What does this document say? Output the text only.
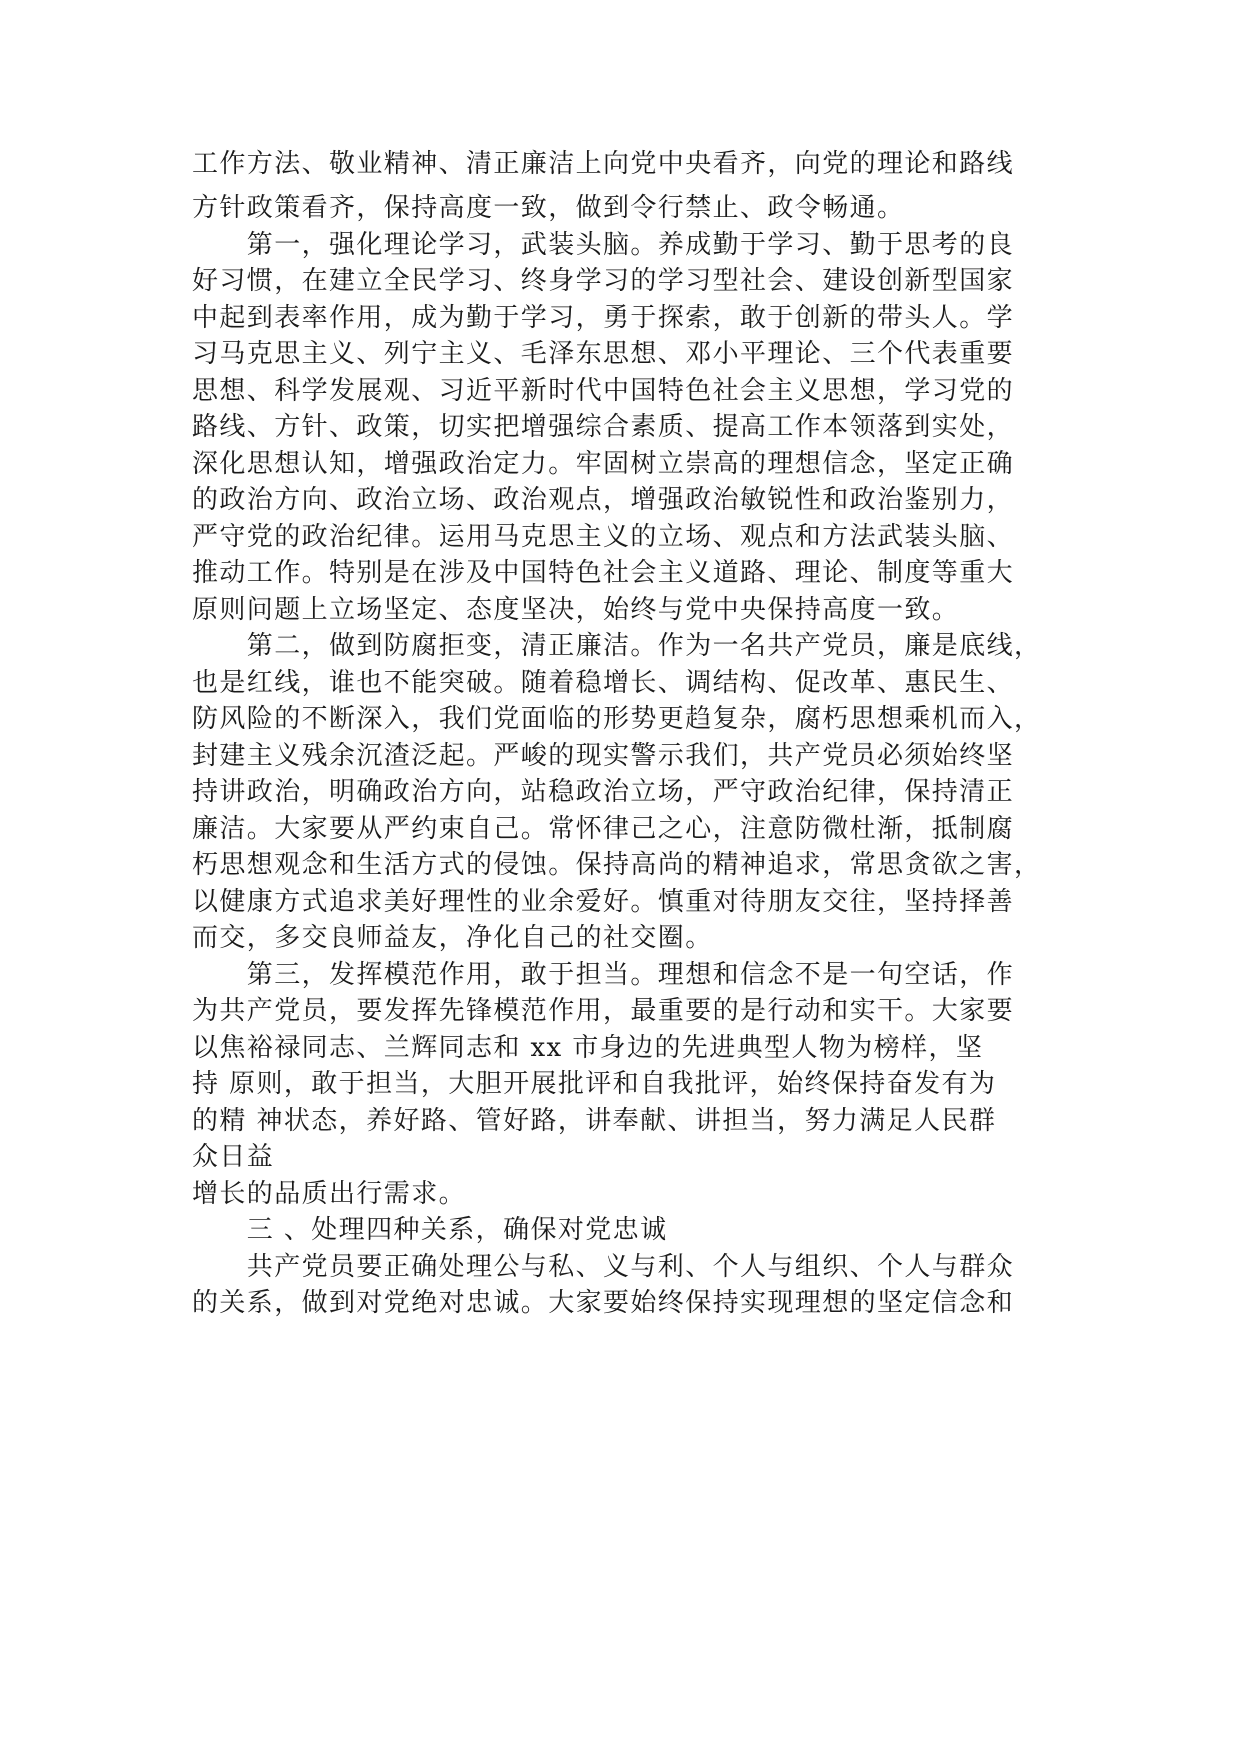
工作方法、敬业精神、清正廉洁上向党中央看齐，向党的理论和路线
方针政策看齐，保持高度一致，做到令行禁止、政令畅通。
　　第一，强化理论学习，武装头脑。养成勤于学习、勤于思考的良
好习惯，在建立全民学习、终身学习的学习型社会、建设创新型国家
中起到表率作用，成为勤于学习，勇于探索，敢于创新的带头人。学
习马克思主义、列宁主义、毛泽东思想、邓小平理论、三个代表重要
思想、科学发展观、习近平新时代中国特色社会主义思想，学习党的
路线、方针、政策，切实把增强综合素质、提高工作本领落到实处，
深化思想认知，增强政治定力。牢固树立崇高的理想信念，坚定正确
的政治方向、政治立场、政治观点，增强政治敏锐性和政治鉴别力，
严守党的政治纪律。运用马克思主义的立场、观点和方法武装头脑、
推动工作。特别是在涉及中国特色社会主义道路、理论、制度等重大
原则问题上立场坚定、态度坚决，始终与党中央保持高度一致。
　　第二，做到防腐拒变，清正廉洁。作为一名共产党员，廉是底线，
也是红线，谁也不能突破。随着稳增长、调结构、促改革、惠民生、
防风险的不断深入，我们党面临的形势更趋复杂，腐朽思想乘机而入，
封建主义残余沉渣泛起。严峻的现实警示我们，共产党员必须始终坚
持讲政治，明确政治方向，站稳政治立场，严守政治纪律，保持清正
廉洁。大家要从严约束自己。常怀律己之心，注意防微杜渐，抵制腐
朽思想观念和生活方式的侵蚀。保持高尚的精神追求，常思贪欲之害，
以健康方式追求美好理性的业余爱好。慎重对待朋友交往，坚持择善
而交，多交良师益友，净化自己的社交圈。
　　第三，发挥模范作用，敢于担当。理想和信念不是一句空话，作
为共产党员，要发挥先锋模范作用，最重要的是行动和实干。大家要
以焦裕禄同志、兰辉同志和 xx 市身边的先进典型人物为榜样，坚
持 原则，敢于担当，大胆开展批评和自我批评，始终保持奋发有为
的精 神状态，养好路、管好路，讲奉献、讲担当，努力满足人民群
众日益
增长的品质出行需求。
　　三 、处理四种关系，确保对党忠诚
　　共产党员要正确处理公与私、义与利、个人与组织、个人与群众
的关系，做到对党绝对忠诚。大家要始终保持实现理想的坚定信念和
